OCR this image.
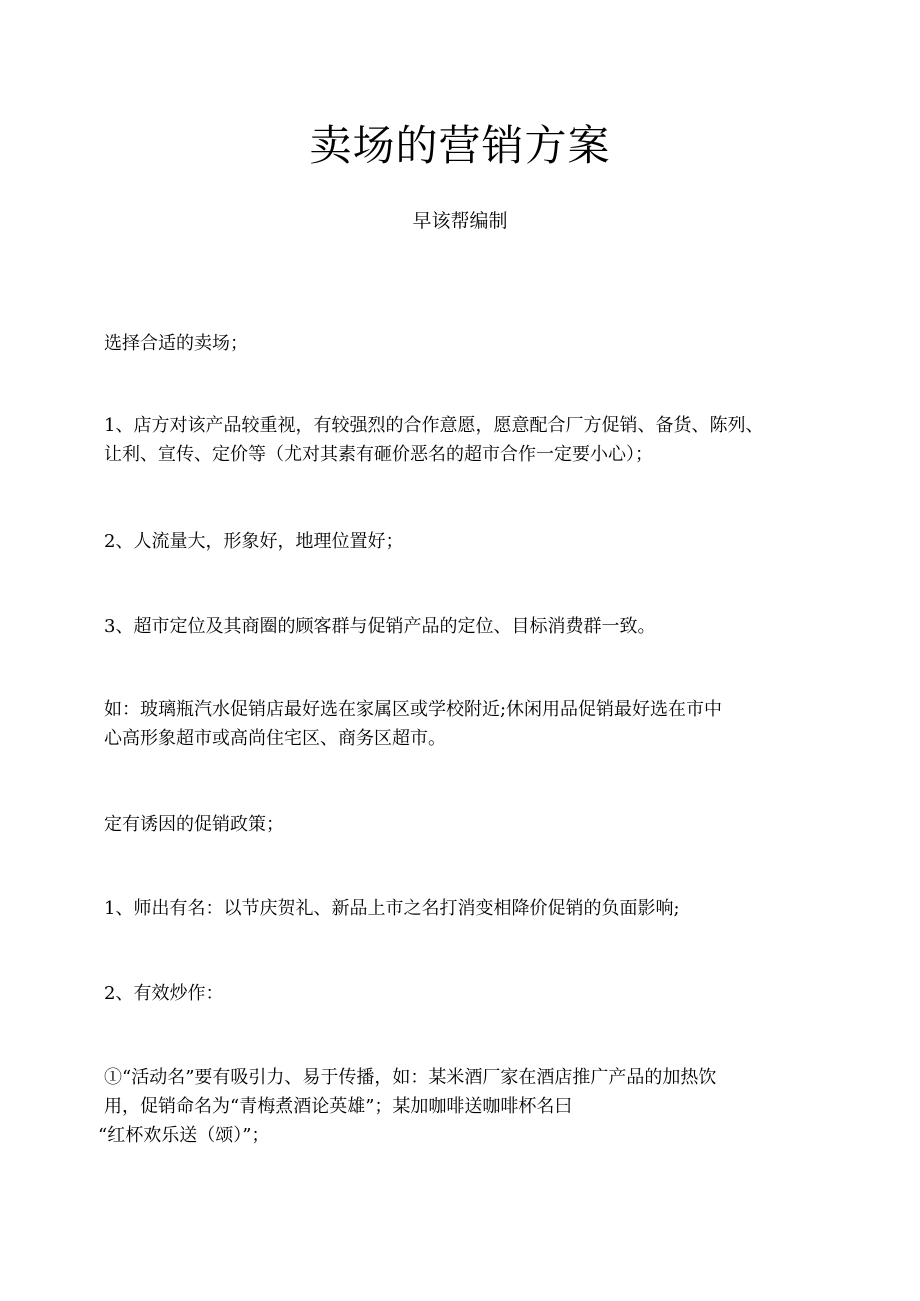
卖场的营销方案
早该帮编制
选择合适的卖场；
1、店方对该产品较重视，有较强烈的合作意愿，愿意配合厂方促销、备货、陈列、
让利、宣传、定价等（尤对其素有砸价恶名的超市合作一定要小心）；
2、人流量大，形象好，地理位置好；
3、超市定位及其商圈的顾客群与促销产品的定位、目标消费群一致。
如：玻璃瓶汽水促销店最好选在家属区或学校附近;休闲用品促销最好选在市中
心高形象超市或高尚住宅区、商务区超市。
定有诱因的促销政策；
1、师出有名：以节庆贺礼、新品上市之名打消变相降价促销的负面影响;
2、有效炒作：
①“活动名”要有吸引力、易于传播，如：某米酒厂家在酒店推广产品的加热饮
用，促销命名为“青梅煮酒论英雄”；某加咖啡送咖啡杯名曰
“红杯欢乐送（颂）”；
